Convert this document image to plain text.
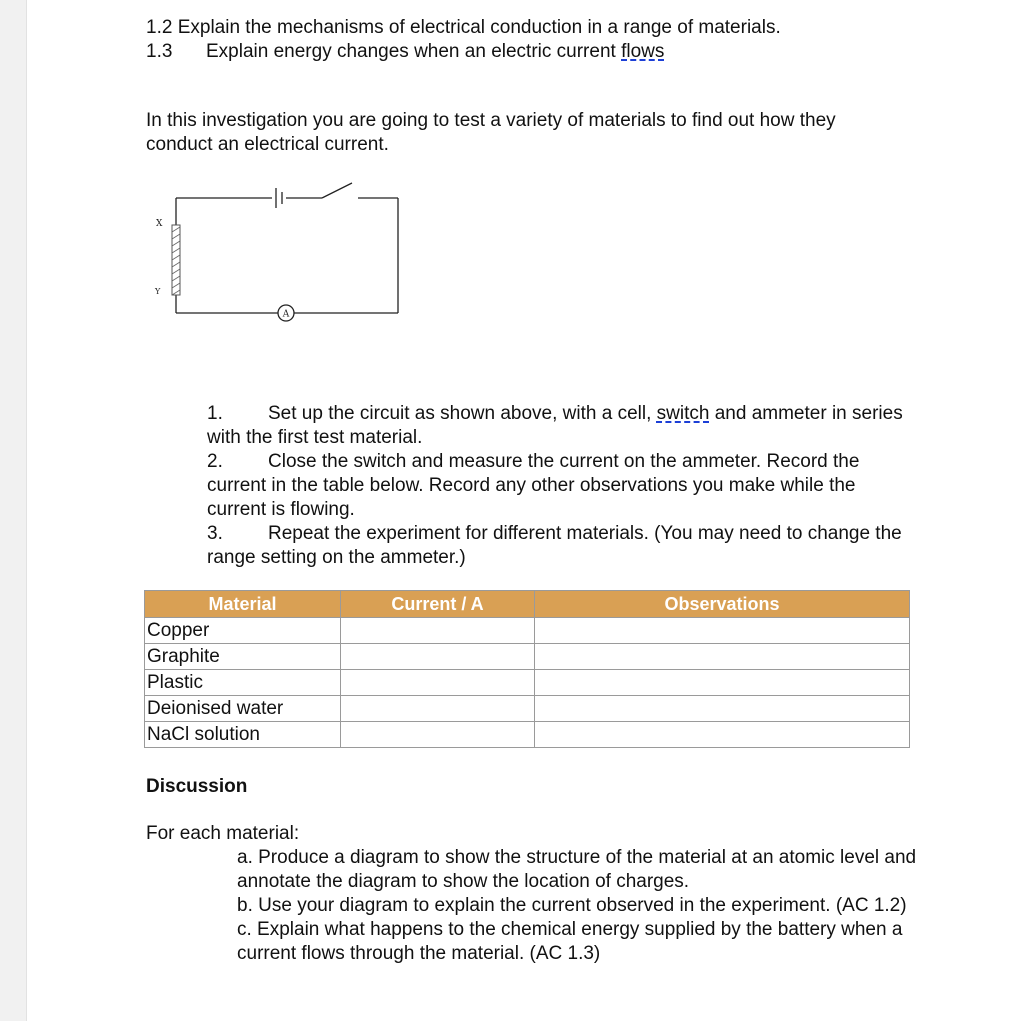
1.2 Explain the mechanisms of electrical conduction in a range of materials.
1.3 Explain energy changes when an electric current flows
In this investigation you are going to test a variety of materials to find out how they conduct an electrical current.
X
Y
A
1. Set up the circuit as shown above, with a cell, switch and ammeter in series with the first test material.
2. Close the switch and measure the current on the ammeter. Record the current in the table below. Record any other observations you make while the current is flowing.
3. Repeat the experiment for different materials. (You may need to change the range setting on the ammeter.)
Material	Current / A	Observations
Copper		
Graphite		
Plastic		
Deionised water		
NaCl solution		
Discussion
For each material:
a. Produce a diagram to show the structure of the material at an atomic level and annotate the diagram to show the location of charges.
b. Use your diagram to explain the current observed in the experiment. (AC 1.2)
c. Explain what happens to the chemical energy supplied by the battery when a current flows through the material. (AC 1.3)
